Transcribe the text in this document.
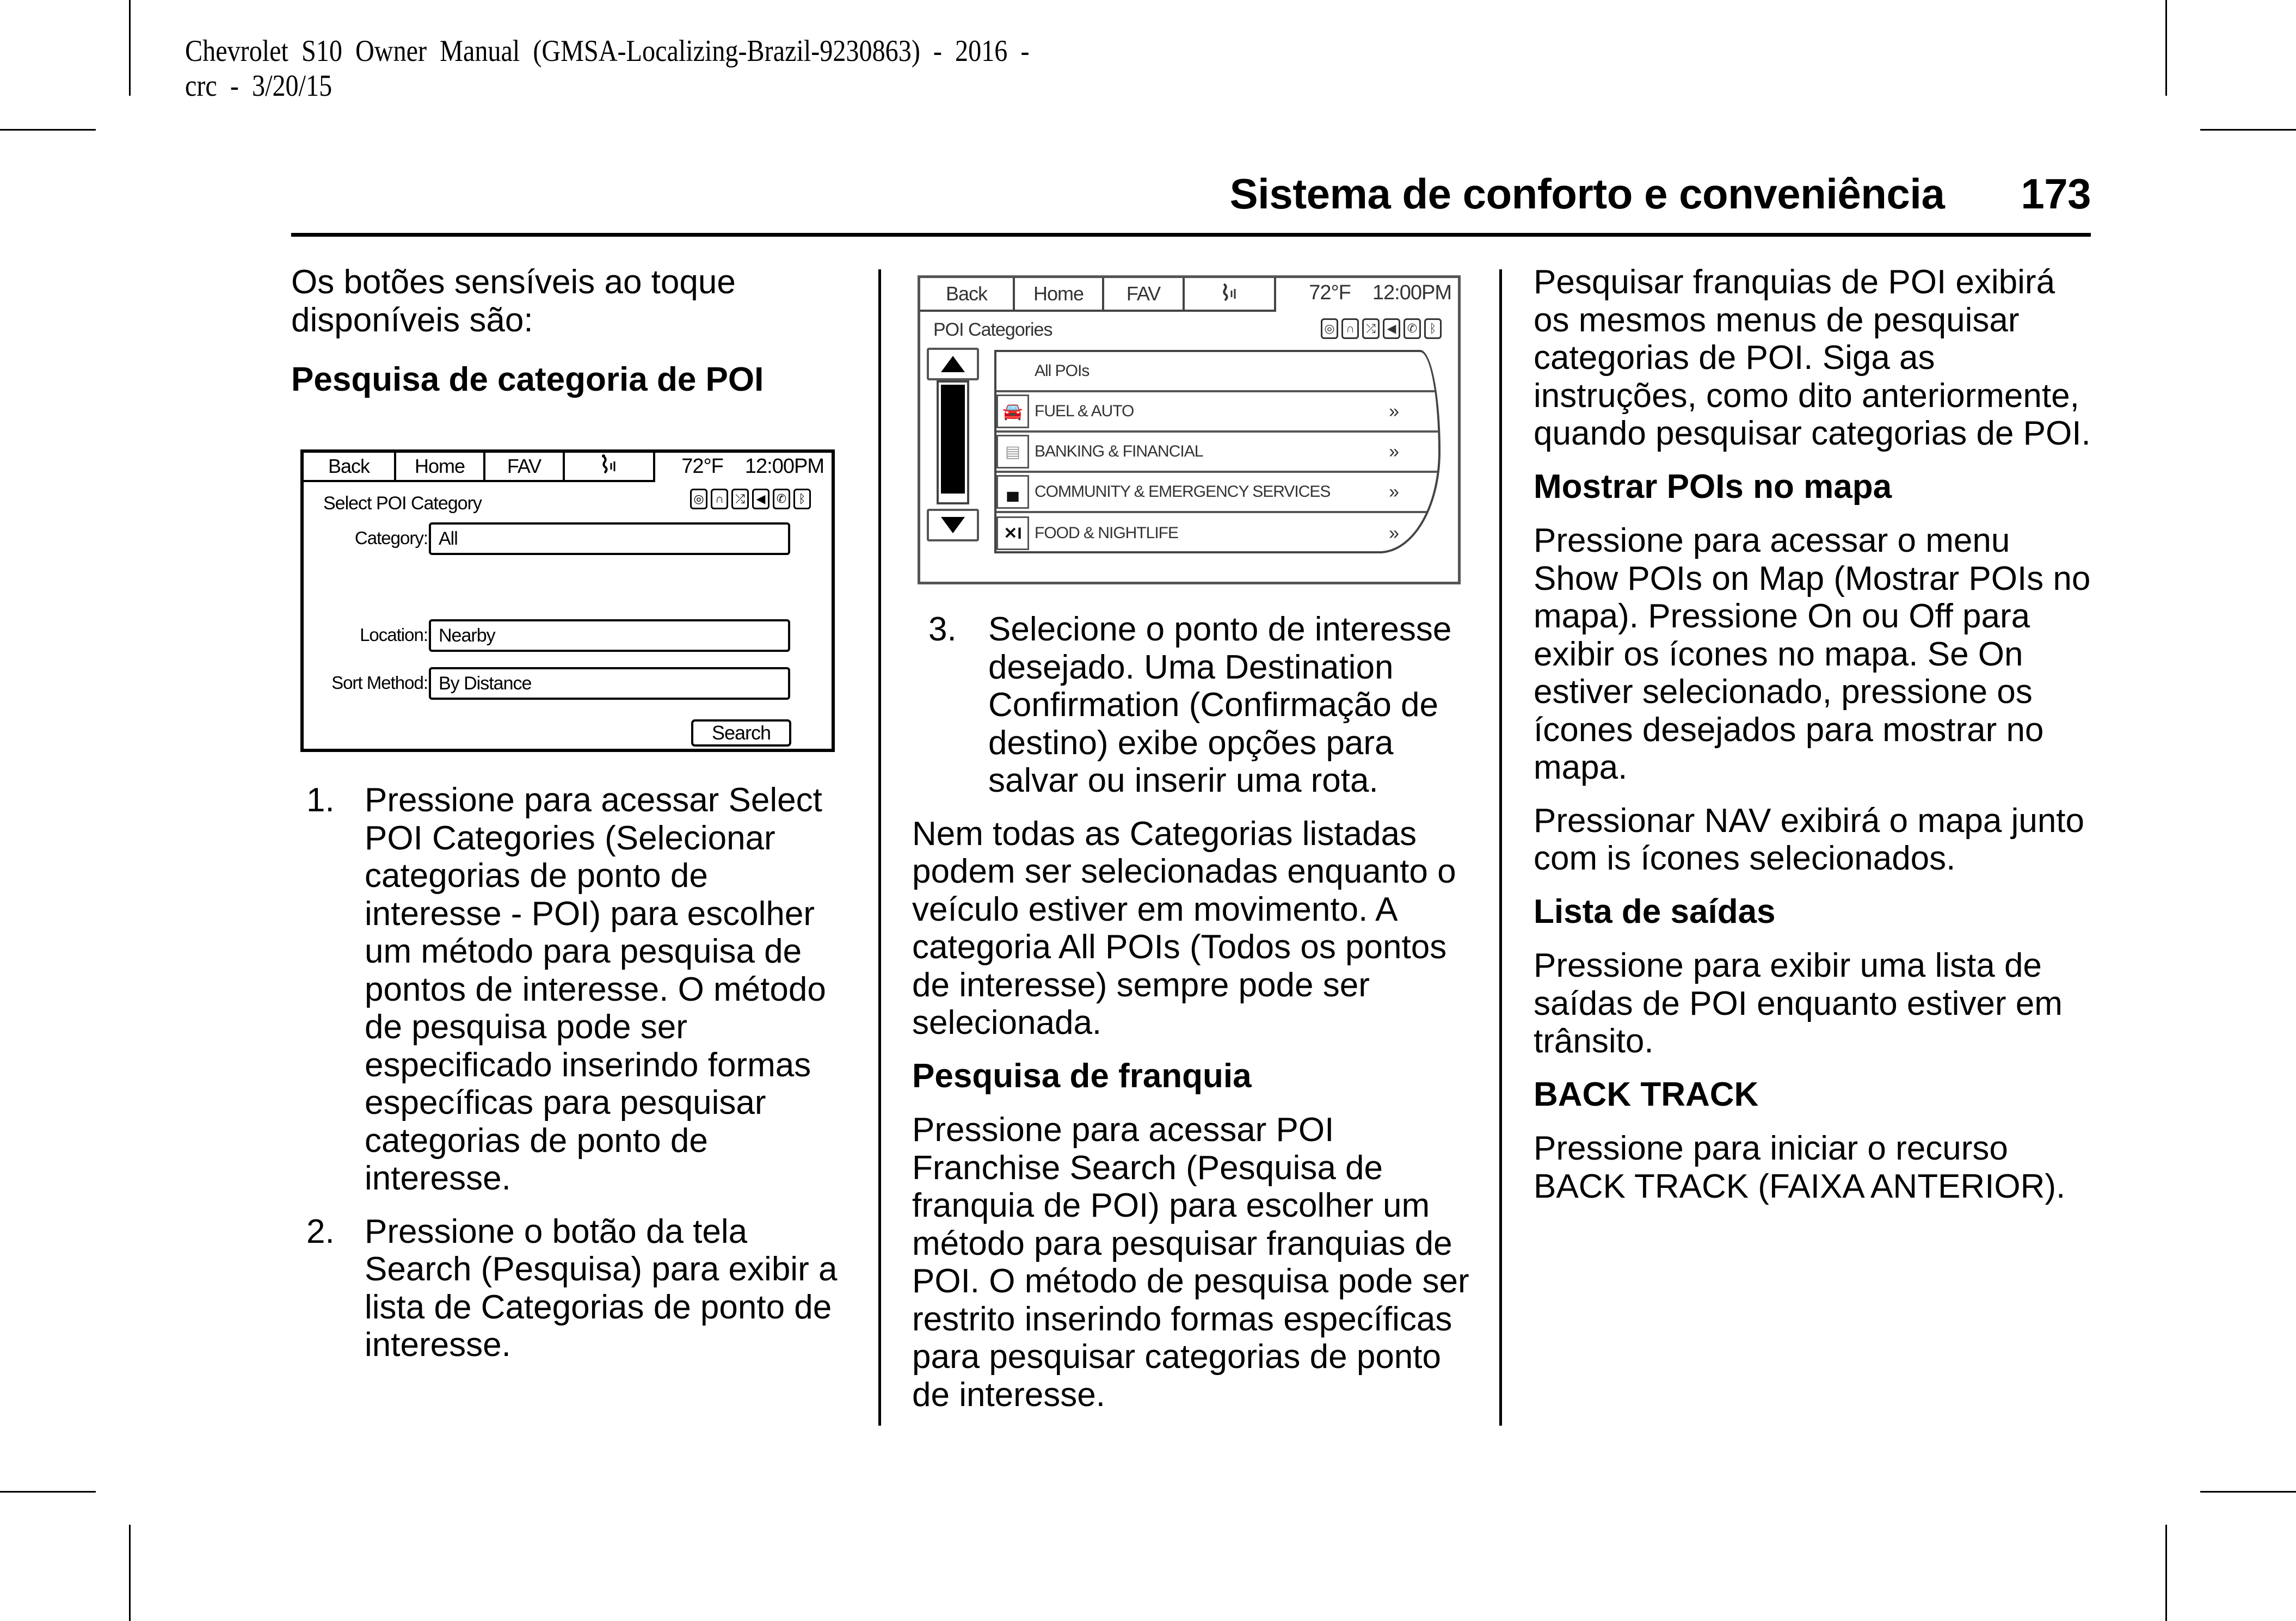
Chevrolet  S10  Owner  Manual  (GMSA-Localizing-Brazil-9230863)  -  2016  -
crc  -  3/20/15
Sistema de conforto e conveniência 173

Os botões sensíveis ao toque disponíveis são:

Pesquisa de categoria de POI
Back Home FAV	72°F 12:00PM
Select POI Category	◎ ∩ ⤮ ◀ ✆	ᛒ
Category: All
Location: Nearby
Sort Method: By Distance
Search
1. Pressione para acessar Select POI Categories (Selecionar categorias de ponto de interesse - POI) para escolher um método para pesquisa de pontos de interesse. O método de pesquisa pode ser especificado inserindo formas específicas para pesquisar categorias de ponto de interesse.
2. Pressione o botão da tela Search (Pesquisa) para exibir a lista de Categorias de ponto de interesse.
Back Home FAV	72°F 12:00PM
POI Categories	◎ ∩ ⤮ ◀ ✆	ᛒ
All POIs
🚘 FUEL & AUTO	»
▤ BANKING & FINANCIAL	»
▄ COMMUNITY & EMERGENCY SERVICES	»
✕I FOOD & NIGHTLIFE	»
3. Selecione o ponto de interesse desejado. Uma Destination Confirmation (Confirmação de destino) exibe opções para salvar ou inserir uma rota.

Nem todas as Categorias listadas podem ser selecionadas enquanto o veículo estiver em movimento. A categoria All POIs (Todos os pontos de interesse) sempre pode ser selecionada.

Pesquisa de franquia

Pressione para acessar POI Franchise Search (Pesquisa de franquia de POI) para escolher um método para pesquisar franquias de POI. O método de pesquisa pode ser restrito inserindo formas específicas para pesquisar categorias de ponto de interesse.

Pesquisar franquias de POI exibirá os mesmos menus de pesquisar categorias de POI. Siga as instruções, como dito anteriormente, quando pesquisar categorias de POI.

Mostrar POIs no mapa

Pressione para acessar o menu Show POIs on Map (Mostrar POIs no mapa). Pressione On ou Off para exibir os ícones no mapa. Se On estiver selecionado, pressione os ícones desejados para mostrar no mapa.

Pressionar NAV exibirá o mapa junto com is ícones selecionados.

Lista de saídas

Pressione para exibir uma lista de saídas de POI enquanto estiver em trânsito.

BACK TRACK

Pressione para iniciar o recurso BACK TRACK (FAIXA ANTERIOR).
